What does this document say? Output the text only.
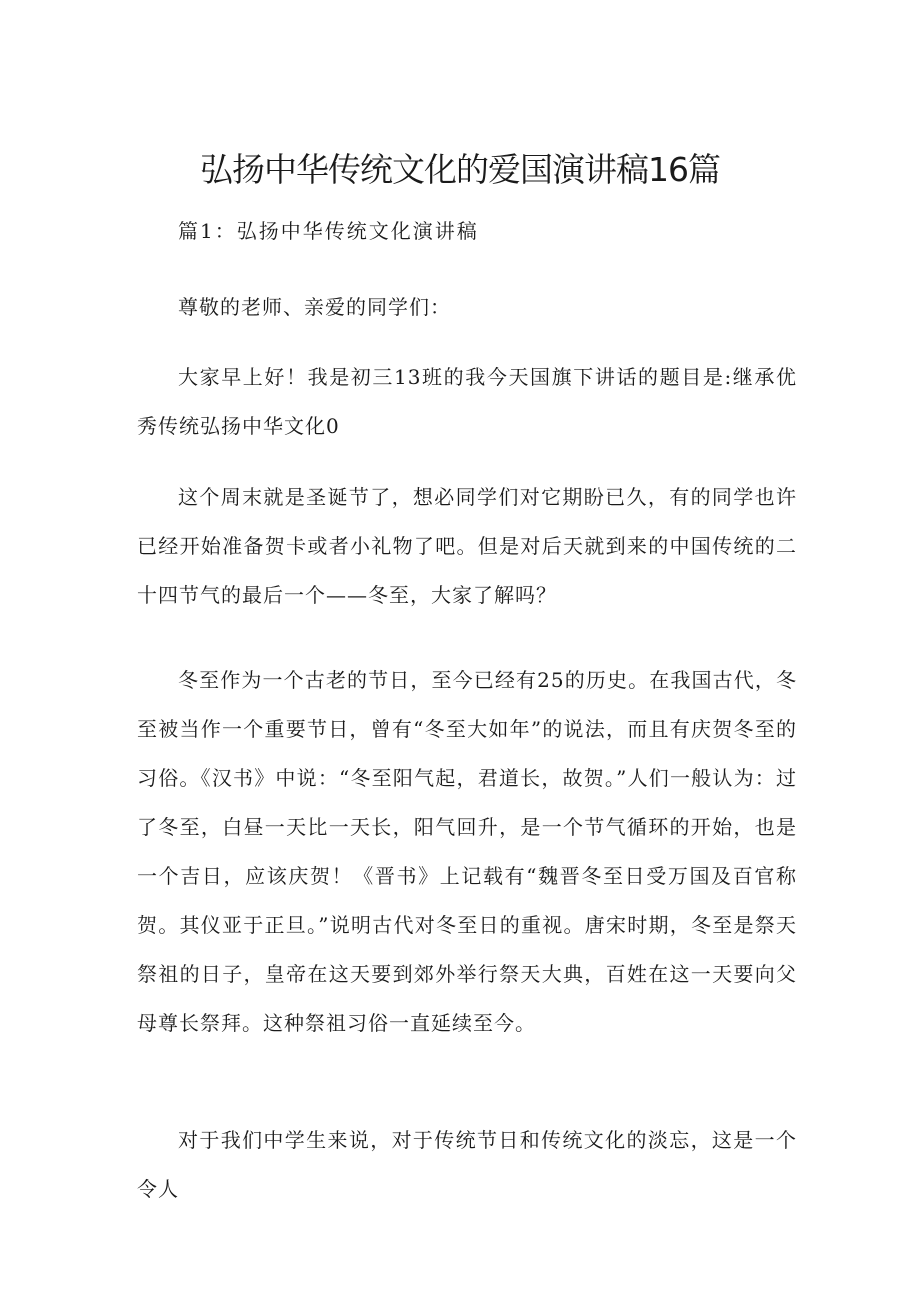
弘扬中华传统文化的爱国演讲稿16篇
篇1：弘扬中华传统文化演讲稿

尊敬的老师、亲爱的同学们：

大家早上好！我是初三13班的我今天国旗下讲话的题目是:继承优秀传统弘扬中华文化0

这个周末就是圣诞节了，想必同学们对它期盼已久，有的同学也许已经开始准备贺卡或者小礼物了吧。但是对后天就到来的中国传统的二十四节气的最后一个——冬至，大家了解吗？

冬至作为一个古老的节日，至今已经有25的历史。在我国古代，冬至被当作一个重要节日，曾有“冬至大如年”的说法，而且有庆贺冬至的习俗。《汉书》中说：“冬至阳气起，君道长，故贺。”人们一般认为：过了冬至，白昼一天比一天长，阳气回升，是一个节气循环的开始，也是一个吉日，应该庆贺！《晋书》上记载有“魏晋冬至日受万国及百官称贺。其仪亚于正旦。”说明古代对冬至日的重视。唐宋时期，冬至是祭天祭祖的日子，皇帝在这天要到郊外举行祭天大典，百姓在这一天要向父母尊长祭拜。这种祭祖习俗一直延续至今。

对于我们中学生来说，对于传统节日和传统文化的淡忘，这是一个令人
